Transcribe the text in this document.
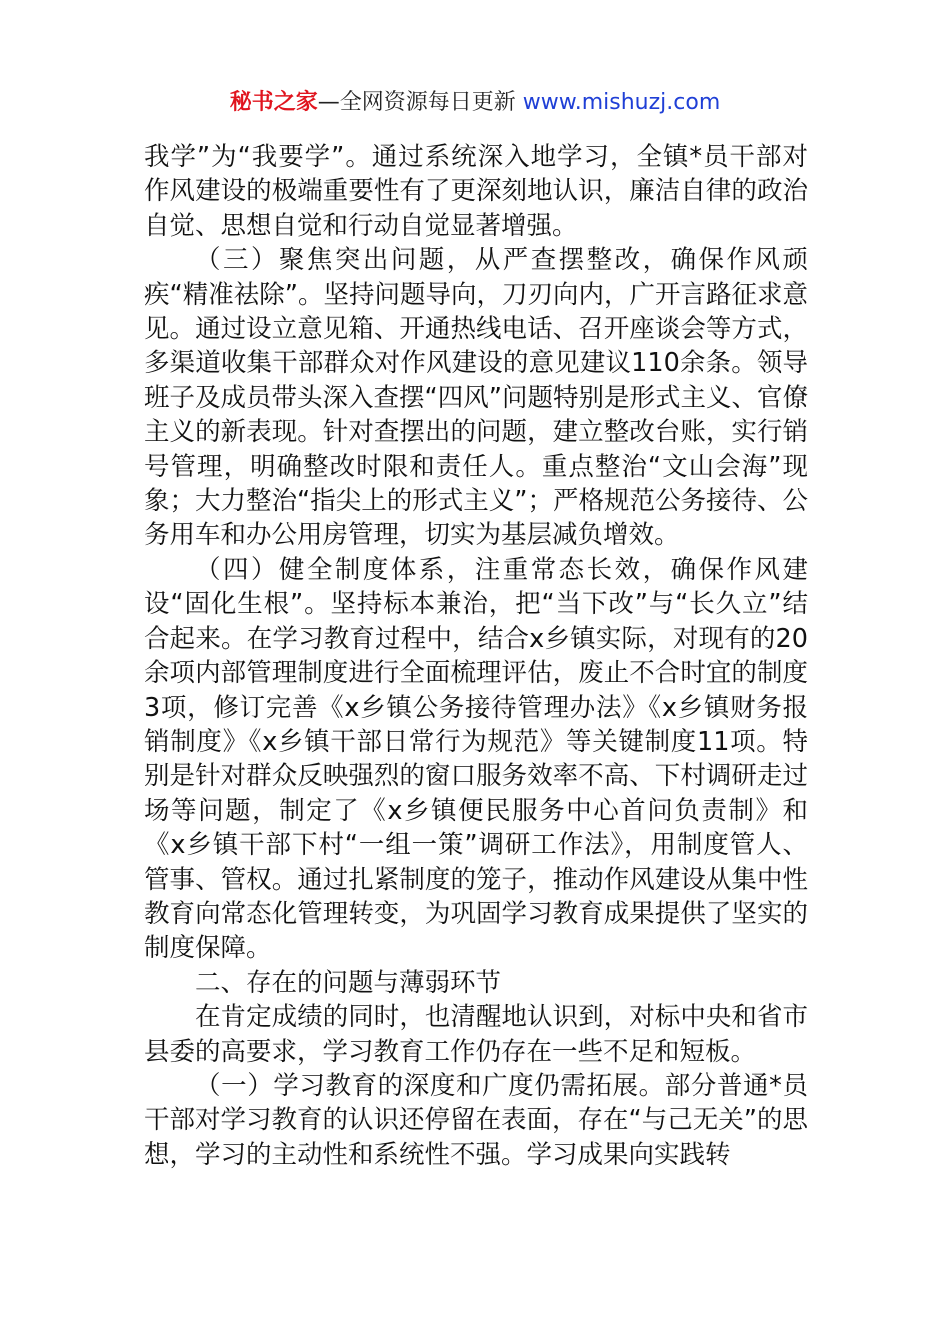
秘书之家—全网资源每日更新 www.mishuzj.com

我学”为“我要学”。通过系统深入地学习，全镇*员干部对作风建设的极端重要性有了更深刻地认识，廉洁自律的政治自觉、思想自觉和行动自觉显著增强。

（三）聚焦突出问题，从严查摆整改，确保作风顽疾“精准祛除”。坚持问题导向，刀刃向内，广开言路征求意见。通过设立意见箱、开通热线电话、召开座谈会等方式，多渠道收集干部群众对作风建设的意见建议110余条。领导班子及成员带头深入查摆“四风”问题特别是形式主义、官僚主义的新表现。针对查摆出的问题，建立整改台账，实行销号管理，明确整改时限和责任人。重点整治“文山会海”现象；大力整治“指尖上的形式主义”；严格规范公务接待、公务用车和办公用房管理，切实为基层减负增效。

（四）健全制度体系，注重常态长效，确保作风建设“固化生根”。坚持标本兼治，把“当下改”与“长久立”结合起来。在学习教育过程中，结合x乡镇实际，对现有的20余项内部管理制度进行全面梳理评估，废止不合时宜的制度3项，修订完善《x乡镇公务接待管理办法》《x乡镇财务报销制度》《x乡镇干部日常行为规范》等关键制度11项。特别是针对群众反映强烈的窗口服务效率不高、下村调研走过场等问题，制定了《x乡镇便民服务中心首问负责制》和《x乡镇干部下村“一组一策”调研工作法》，用制度管人、管事、管权。通过扎紧制度的笼子，推动作风建设从集中性教育向常态化管理转变，为巩固学习教育成果提供了坚实的制度保障。

二、存在的问题与薄弱环节

在肯定成绩的同时，也清醒地认识到，对标中央和省市县委的高要求，学习教育工作仍存在一些不足和短板。

（一）学习教育的深度和广度仍需拓展。部分普通*员干部对学习教育的认识还停留在表面，存在“与己无关”的思想，学习的主动性和系统性不强。学习成果向实践转
